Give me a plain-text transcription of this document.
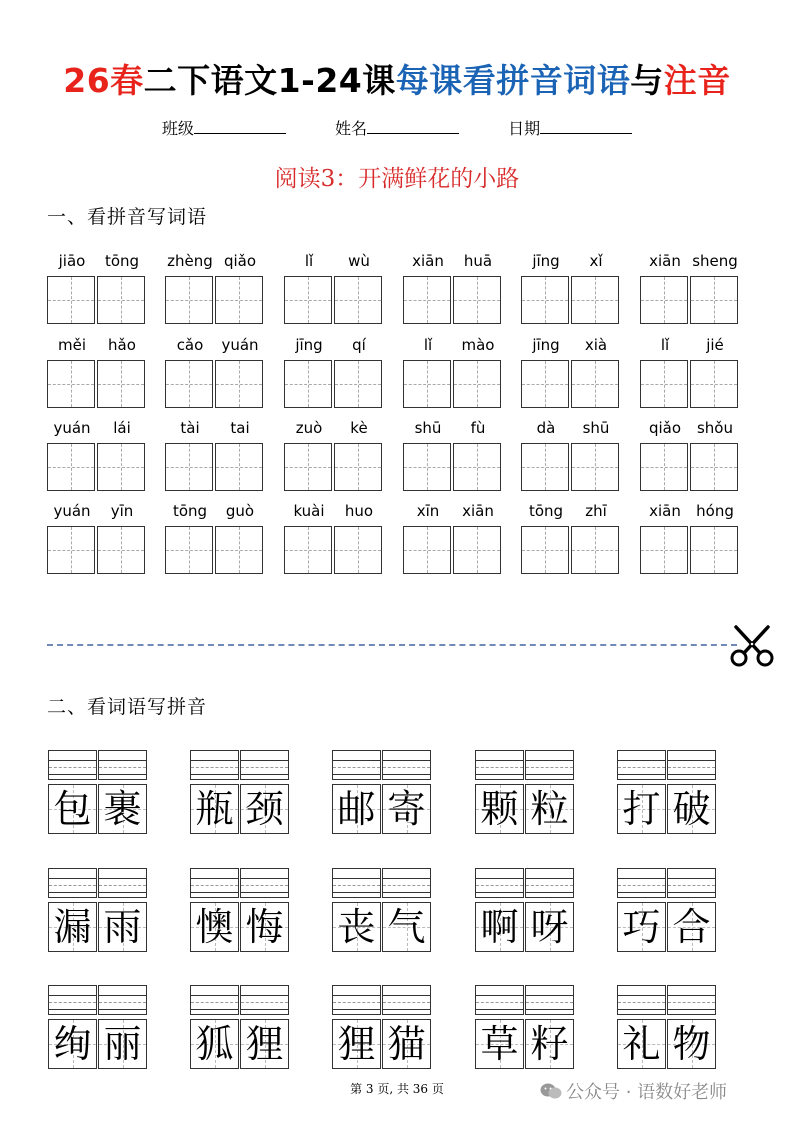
26春二下语文1-24课每课看拼音词语与注音
班级	姓名	日期
阅读3：开满鲜花的小路
一、看拼音写词语
jiāo	tōng	zhèng qiǎo	lǐ	wù	xiān	huā	jīng	xǐ	xiān sheng
měi	hǎo	cǎo	yuán	jīng	qí	lǐ	mào	jīng	xià	lǐ	jié
yuán	lái	tài	tai	zuò	kè	shū	fù	dà	shū	qiǎo	shǒu
yuán	yīn	tōng	guò	kuài	huo	xīn	xiān	tōng	zhī	xiān	hóng
二、看词语写拼音
包 裹 瓶 颈 邮 寄 颗 粒 打 破
漏 雨 懊 悔 丧 气 啊 呀 巧 合
绚 丽 狐 狸 狸 猫 草 籽 礼 物
第 3 页, 共 36 页	公众号 · 语数好老师
